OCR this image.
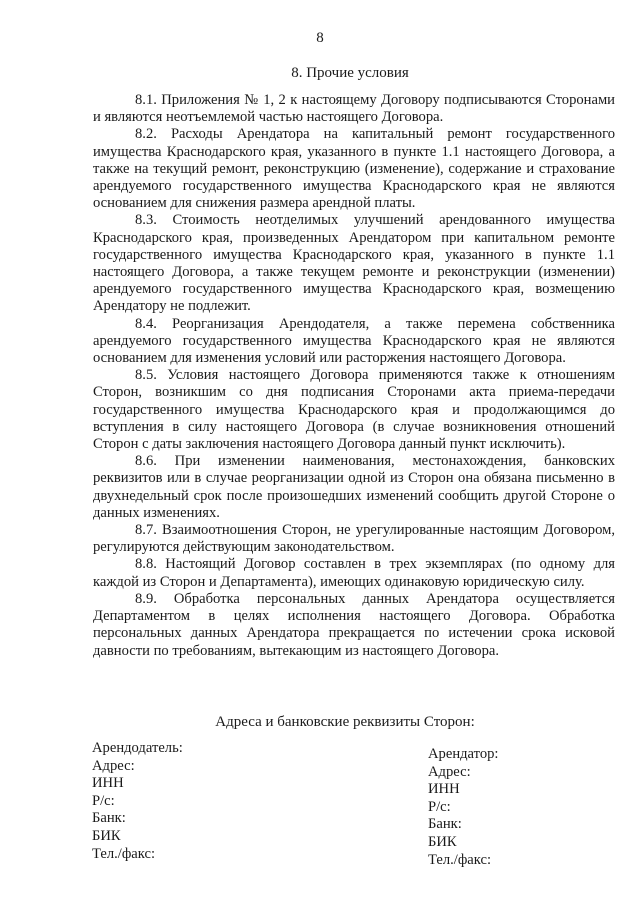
8
8. Прочие условия

8.1. Приложения № 1, 2 к настоящему Договору подписываются Сторонами и являются неотъемлемой частью настоящего Договора.

8.2. Расходы Арендатора на капитальный ремонт государственного имущества Краснодарского края, указанного в пункте 1.1 настоящего Договора, а также на текущий ремонт, реконструкцию (изменение), содержание и страхование арендуемого государственного имущества Краснодарского края не являются основанием для снижения размера арендной платы.

8.3. Стоимость неотделимых улучшений арендованного имущества Краснодарского края, произведенных Арендатором при капитальном ремонте государственного имущества Краснодарского края, указанного в пункте 1.1 настоящего Договора, а также текущем ремонте и реконструкции (изменении) арендуемого государственного имущества Краснодарского края, возмещению Арендатору не подлежит.

8.4. Реорганизация Арендодателя, а также перемена собственника арендуемого государственного имущества Краснодарского края не являются основанием для изменения условий или расторжения настоящего Договора.

8.5. Условия настоящего Договора применяются также к отношениям Сторон, возникшим со дня подписания Сторонами акта приема-передачи государственного имущества Краснодарского края и продолжающимся до вступления в силу настоящего Договора (в случае возникновения отношений Сторон с даты заключения настоящего Договора данный пункт исключить).

8.6. При изменении наименования, местонахождения, банковских реквизитов или в случае реорганизации одной из Сторон она обязана письменно в двухнедельный срок после произошедших изменений сообщить другой Стороне о данных изменениях.

8.7. Взаимоотношения Сторон, не урегулированные настоящим Договором, регулируются действующим законодательством.

8.8. Настоящий Договор составлен в трех экземплярах (по одному для каждой из Сторон и Департамента), имеющих одинаковую юридическую силу.

8.9. Обработка персональных данных Арендатора осуществляется Департаментом в целях исполнения настоящего Договора. Обработка персональных данных Арендатора прекращается по истечении срока исковой давности по требованиям, вытекающим из настоящего Договора.

Адреса и банковские реквизиты Сторон:
Арендодатель:
Адрес:
ИНН
Р/с:
Банк:
БИК
Тел./факс:
Арендатор:
Адрес:
ИНН
Р/с:
Банк:
БИК
Тел./факс:
